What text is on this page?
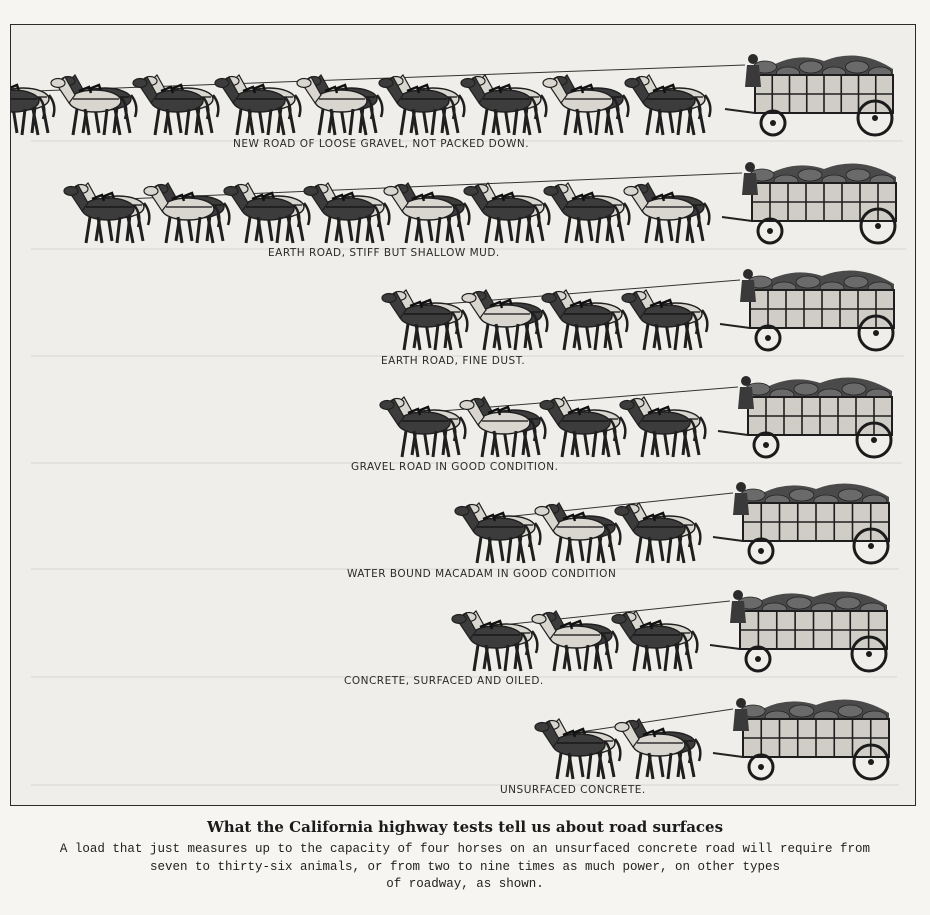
NEW ROAD OF LOOSE GRAVEL, NOT PACKED DOWN.
EARTH ROAD, STIFF BUT SHALLOW MUD.
EARTH ROAD, FINE DUST.
GRAVEL ROAD IN GOOD CONDITION.
WATER BOUND MACADAM IN GOOD CONDITION
CONCRETE, SURFACED AND OILED.
UNSURFACED CONCRETE.
What the California highway tests tell us about road surfaces
A load that just measures up to the capacity of four horses on an unsurfaced concrete road will require from
seven to thirty-six animals, or from two to nine times as much power, on other types
of roadway, as shown.
